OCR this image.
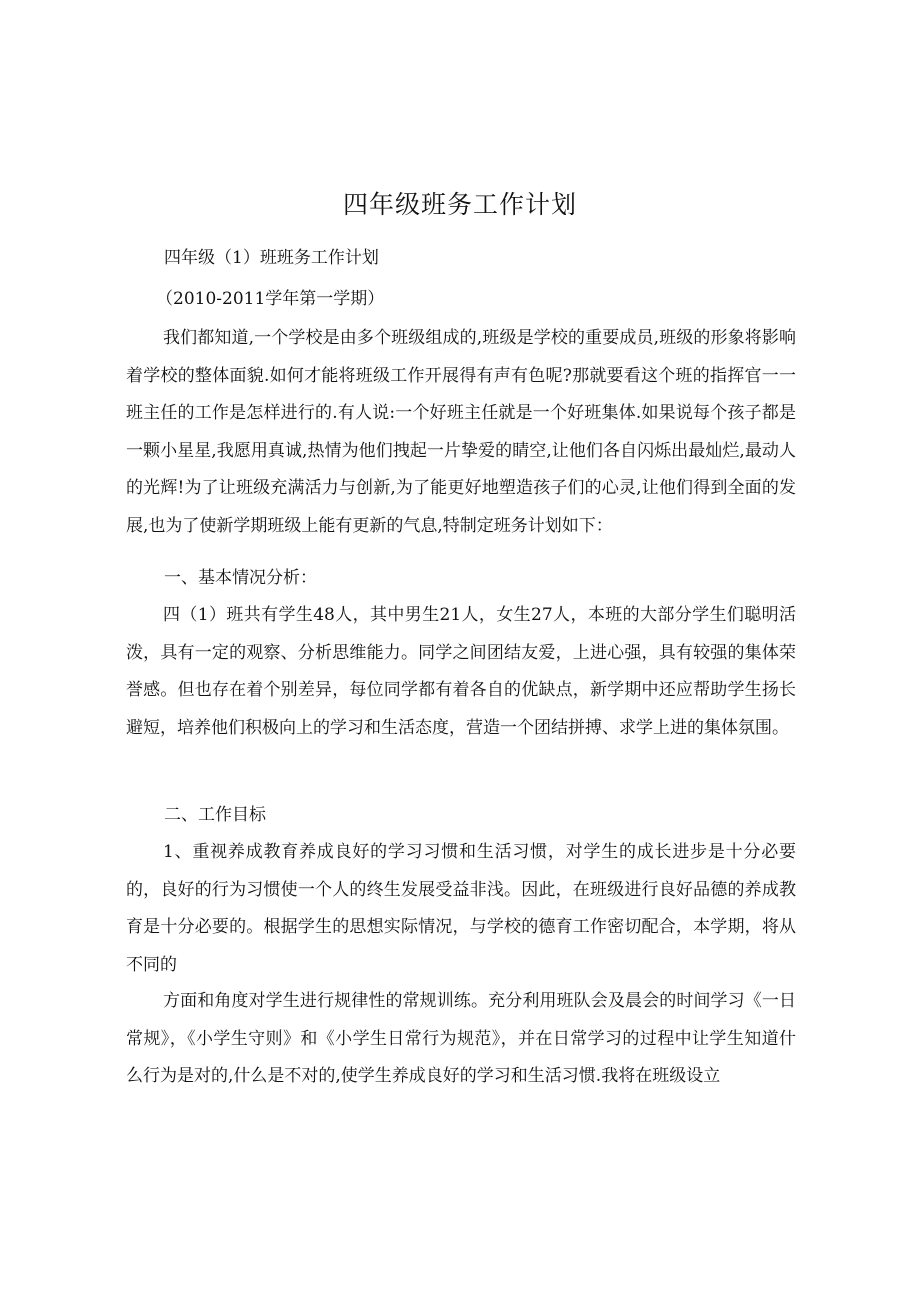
四年级班务工作计划

四年级（1）班班务工作计划

（2010-2011学年第一学期）

我们都知道,一个学校是由多个班级组成的,班级是学校的重要成员,班级的形象将影响着学校的整体面貌.如何才能将班级工作开展得有声有色呢?那就要看这个班的指挥官一一班主任的工作是怎样进行的.有人说:一个好班主任就是一个好班集体.如果说每个孩子都是一颗小星星,我愿用真诚,热情为他们拽起一片挚爱的睛空,让他们各自闪烁出最灿烂,最动人的光辉!为了让班级充满活力与创新,为了能更好地塑造孩子们的心灵,让他们得到全面的发展,也为了使新学期班级上能有更新的气息,特制定班务计划如下：

一、基本情况分析：

四（1）班共有学生48人，其中男生21人，女生27人，本班的大部分学生们聪明活泼，具有一定的观察、分析思维能力。同学之间团结友爱，上进心强，具有较强的集体荣誉感。但也存在着个别差异，每位同学都有着各自的优缺点，新学期中还应帮助学生扬长避短，培养他们积极向上的学习和生活态度，营造一个团结拼搏、求学上进的集体氛围。

二、工作目标

1、重视养成教育养成良好的学习习惯和生活习惯，对学生的成长进步是十分必要的，良好的行为习惯使一个人的终生发展受益非浅。因此，在班级进行良好品德的养成教育是十分必要的。根据学生的思想实际情况，与学校的德育工作密切配合，本学期，将从不同的

方面和角度对学生进行规律性的常规训练。充分利用班队会及晨会的时间学习《一日常规》，《小学生守则》和《小学生日常行为规范》，并在日常学习的过程中让学生知道什么行为是对的,什么是不对的,使学生养成良好的学习和生活习惯.我将在班级设立
